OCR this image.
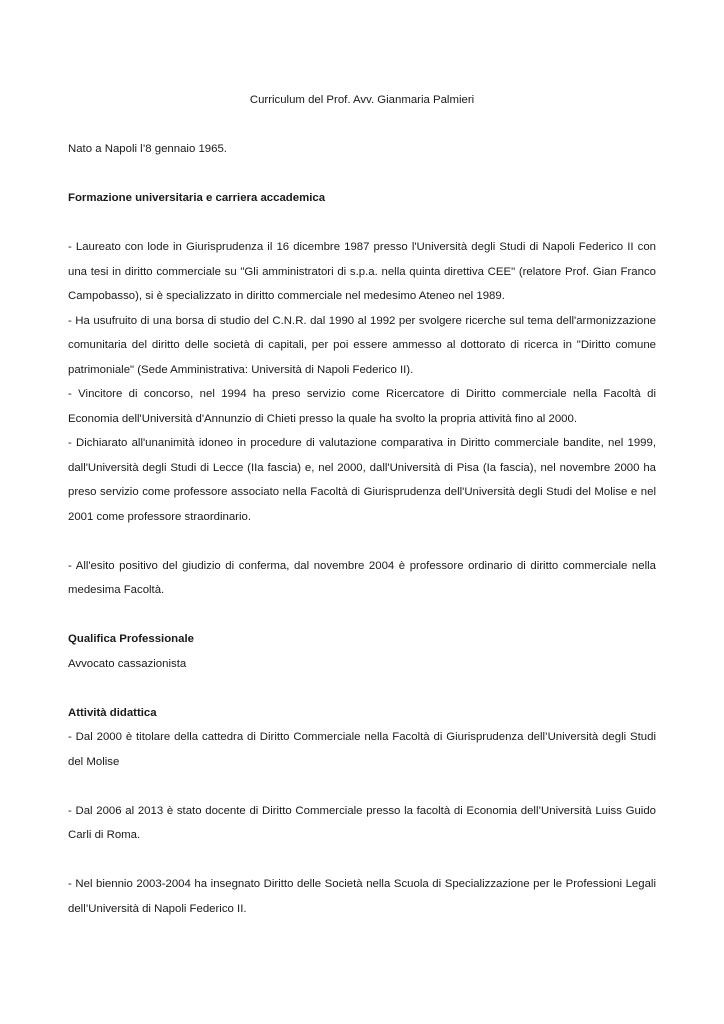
Curriculum del Prof. Avv. Gianmaria Palmieri

Nato a Napoli l’8 gennaio 1965.

Formazione universitaria e carriera accademica

- Laureato con lode in Giurisprudenza il 16 dicembre 1987 presso l'Università degli Studi di Napoli Federico II con una tesi in diritto commerciale su "Gli amministratori di s.p.a. nella quinta direttiva CEE" (relatore Prof. Gian Franco Campobasso), si è specializzato in diritto commerciale nel medesimo Ateneo nel 1989.

- Ha usufruito di una borsa di studio del C.N.R. dal 1990 al 1992 per svolgere ricerche sul tema dell'armonizzazione comunitaria del diritto delle società di capitali, per poi essere ammesso al dottorato di ricerca in "Diritto comune patrimoniale" (Sede Amministrativa: Università di Napoli Federico II).

- Vincitore di concorso, nel 1994 ha preso servizio come Ricercatore di Diritto commerciale nella Facoltà di Economia dell'Università d'Annunzio di Chieti presso la quale ha svolto la propria attività fino al 2000.

- Dichiarato all'unanimità idoneo in procedure di valutazione comparativa in Diritto commerciale bandite, nel 1999, dall'Università degli Studi di Lecce (IIa fascia) e, nel 2000, dall'Università di Pisa (Ia fascia), nel novembre 2000 ha preso servizio come professore associato nella Facoltà di Giurisprudenza dell'Università degli Studi del Molise e nel 2001 come professore straordinario.

- All'esito positivo del giudizio di conferma, dal novembre 2004 è professore ordinario di diritto commerciale nella medesima Facoltà.

Qualifica Professionale

Avvocato cassazionista

Attività didattica

- Dal 2000 è titolare della cattedra di Diritto Commerciale nella Facoltà di Giurisprudenza dell’Università degli Studi del Molise

- Dal 2006 al 2013 è stato docente di Diritto Commerciale presso la facoltà di Economia dell’Università Luiss Guido Carli di Roma.

- Nel biennio 2003-2004 ha insegnato Diritto delle Società nella Scuola di Specializzazione per le Professioni Legali dell’Università di Napoli Federico II.
